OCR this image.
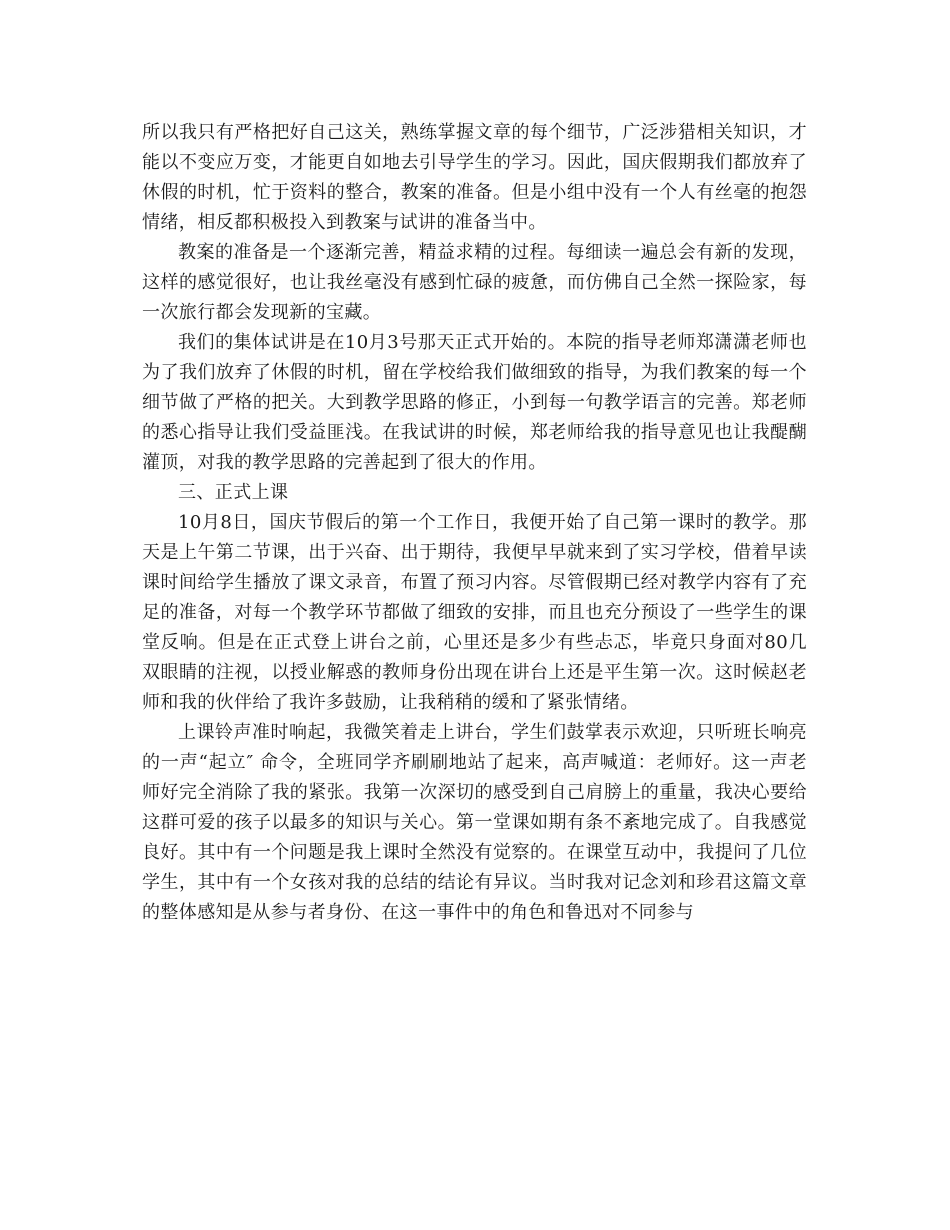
所以我只有严格把好自己这关，熟练掌握文章的每个细节，广泛涉猎相关知识，才能以不变应万变，才能更自如地去引导学生的学习。因此，国庆假期我们都放弃了休假的时机，忙于资料的整合，教案的准备。但是小组中没有一个人有丝毫的抱怨情绪，相反都积极投入到教案与试讲的准备当中。

教案的准备是一个逐渐完善，精益求精的过程。每细读一遍总会有新的发现，这样的感觉很好，也让我丝毫没有感到忙碌的疲惫，而仿佛自己全然一探险家，每一次旅行都会发现新的宝藏。

我们的集体试讲是在10月3号那天正式开始的。本院的指导老师郑潇潇老师也为了我们放弃了休假的时机，留在学校给我们做细致的指导，为我们教案的每一个细节做了严格的把关。大到教学思路的修正，小到每一句教学语言的完善。郑老师的悉心指导让我们受益匪浅。在我试讲的时候，郑老师给我的指导意见也让我醍醐灌顶，对我的教学思路的完善起到了很大的作用。

三、正式上课

10月8日，国庆节假后的第一个工作日，我便开始了自己第一课时的教学。那天是上午第二节课，出于兴奋、出于期待，我便早早就来到了实习学校，借着早读课时间给学生播放了课文录音，布置了预习内容。尽管假期已经对教学内容有了充足的准备，对每一个教学环节都做了细致的安排，而且也充分预设了一些学生的课堂反响。但是在正式登上讲台之前，心里还是多少有些忐忑，毕竟只身面对80几双眼睛的注视，以授业解惑的教师身份出现在讲台上还是平生第一次。这时候赵老师和我的伙伴给了我许多鼓励，让我稍稍的缓和了紧张情绪。

上课铃声准时响起，我微笑着走上讲台，学生们鼓掌表示欢迎，只听班长响亮的一声“起立″ 命令，全班同学齐刷刷地站了起来，高声喊道：老师好。这一声老师好完全消除了我的紧张。我第一次深切的感受到自己肩膀上的重量，我决心要给这群可爱的孩子以最多的知识与关心。第一堂课如期有条不紊地完成了。自我感觉良好。其中有一个问题是我上课时全然没有觉察的。在课堂互动中，我提问了几位学生，其中有一个女孩对我的总结的结论有异议。当时我对记念刘和珍君这篇文章的整体感知是从参与者身份、在这一事件中的角色和鲁迅对不同参与
